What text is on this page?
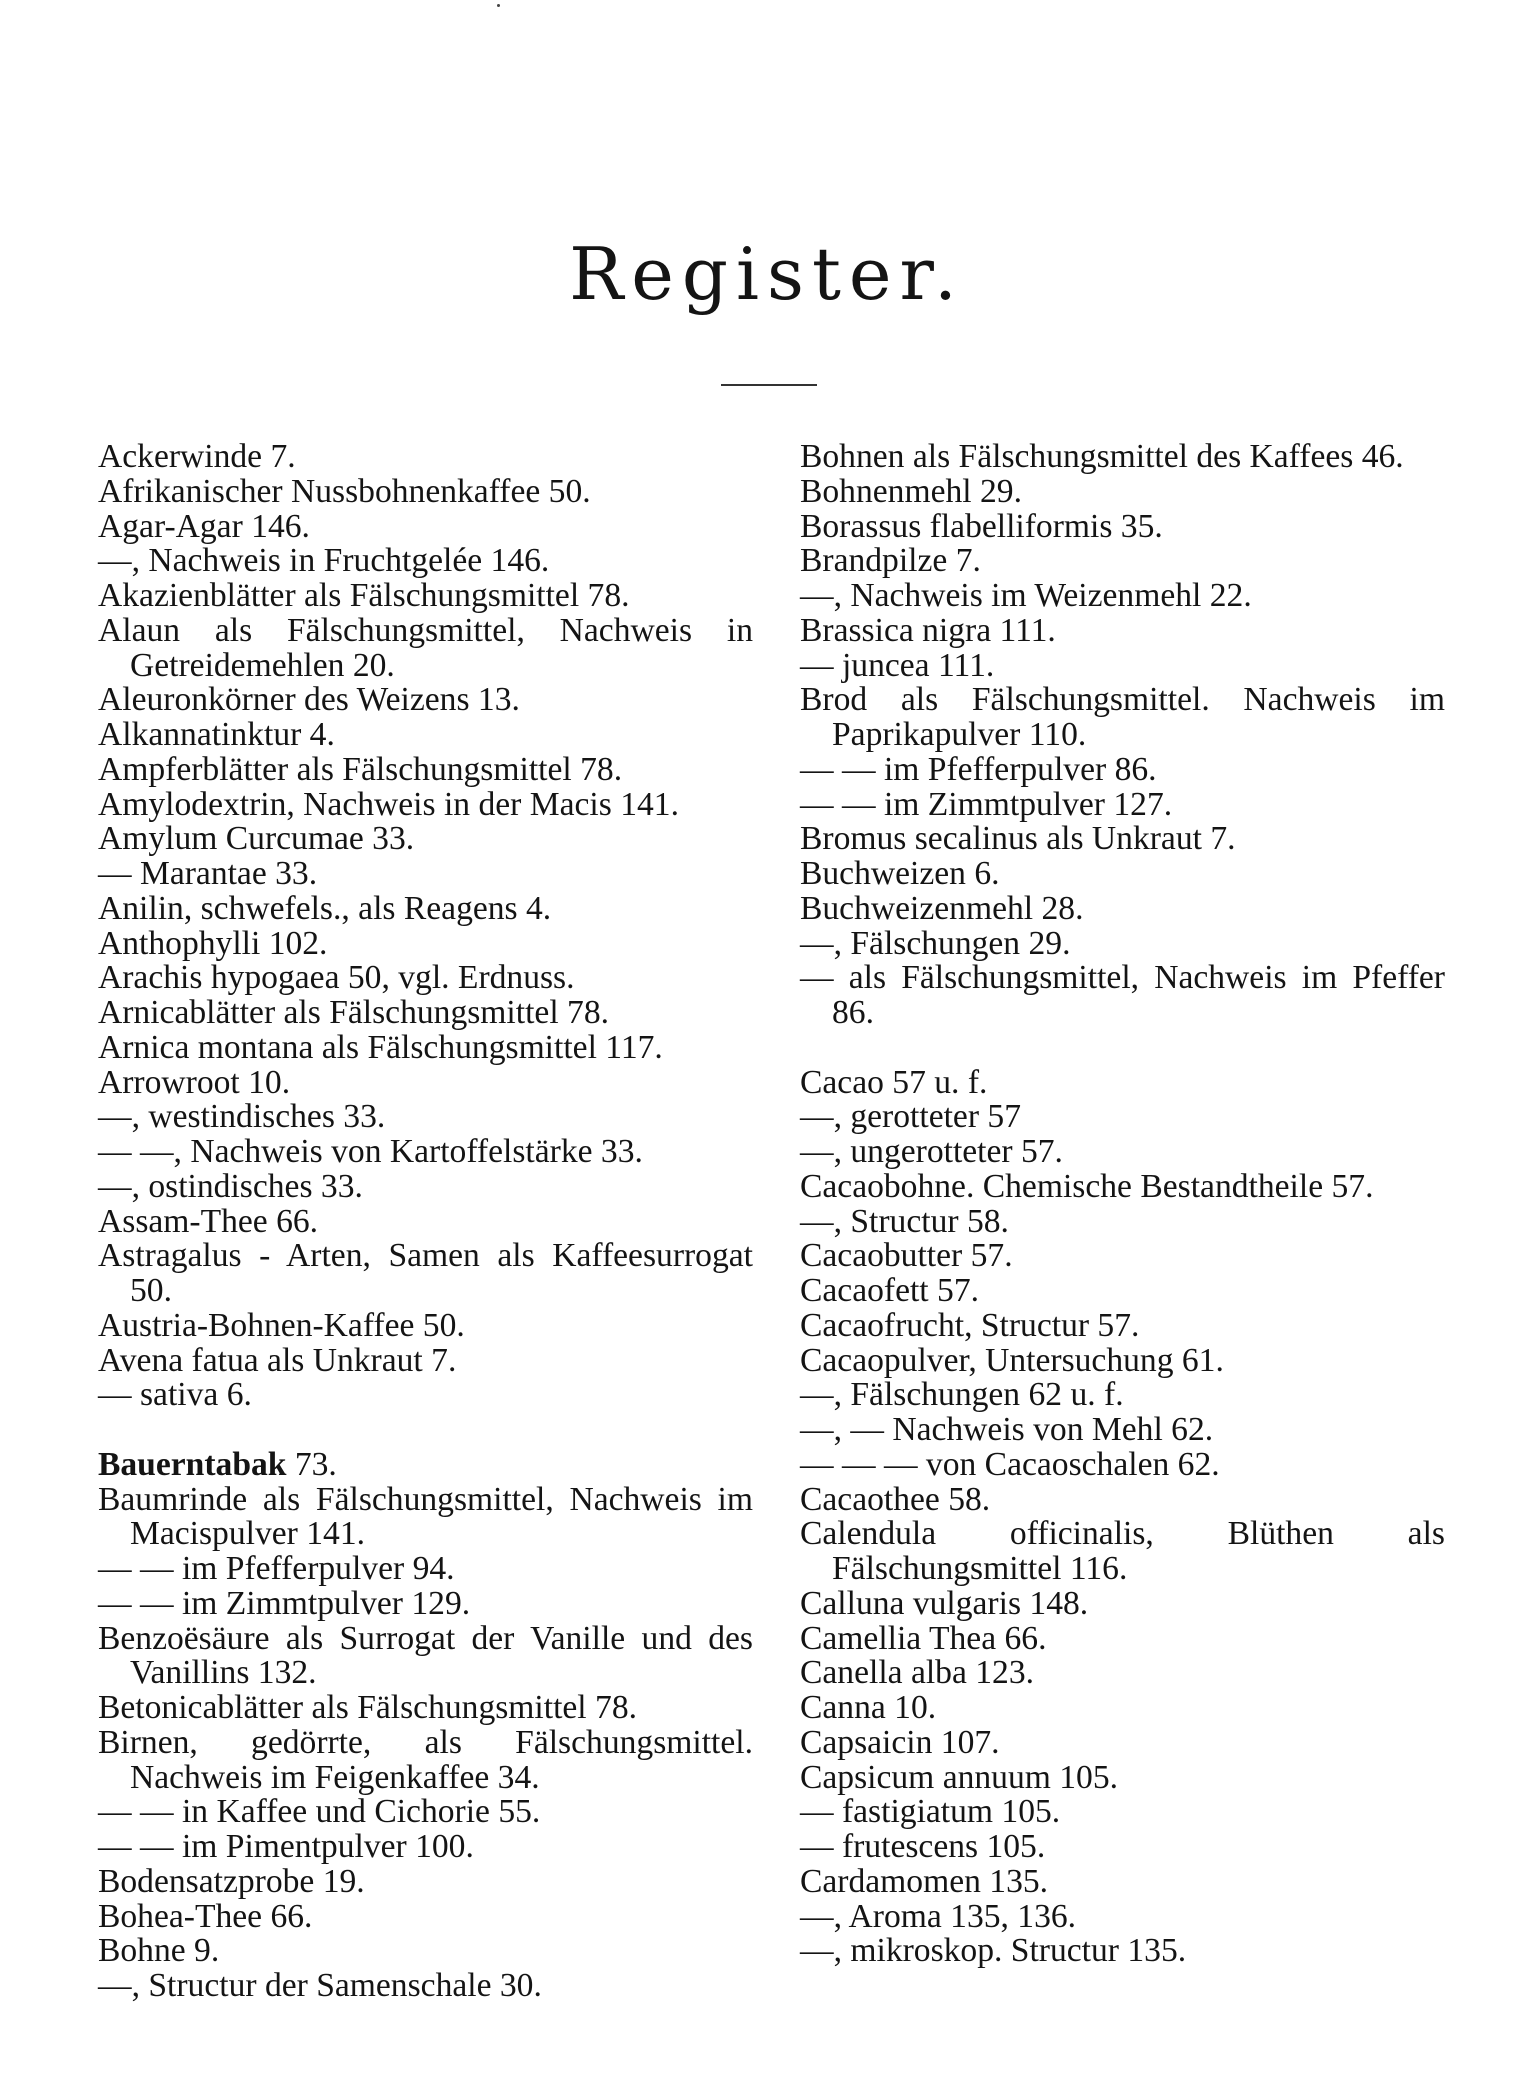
Register.
Ackerwinde 7.
Afrikanischer Nussbohnenkaffee 50.
Agar-Agar 146.
—, Nachweis in Fruchtgelée 146.
Akazienblätter als Fälschungsmittel 78.
Alaun als Fälschungsmittel, Nachweis in Getreidemehlen 20.
Aleuronkörner des Weizens 13.
Alkannatinktur 4.
Ampferblätter als Fälschungsmittel 78.
Amylodextrin, Nachweis in der Macis 141.
Amylum Curcumae 33.
— Marantae 33.
Anilin, schwefels., als Reagens 4.
Anthophylli 102.
Arachis hypogaea 50, vgl. Erdnuss.
Arnicablätter als Fälschungsmittel 78.
Arnica montana als Fälschungsmittel 117.
Arrowroot 10.
—, westindisches 33.
— —, Nachweis von Kartoffelstärke 33.
—, ostindisches 33.
Assam-Thee 66.
Astragalus - Arten, Samen als Kaffeesurrogat 50.
Austria-Bohnen-Kaffee 50.
Avena fatua als Unkraut 7.
— sativa 6.
Bauerntabak 73.
Baumrinde als Fälschungsmittel, Nachweis im Macispulver 141.
— — im Pfefferpulver 94.
— — im Zimmtpulver 129.
Benzoësäure als Surrogat der Vanille und des Vanillins 132.
Betonicablätter als Fälschungsmittel 78.
Birnen, gedörrte, als Fälschungsmittel. Nachweis im Feigenkaffee 34.
— — in Kaffee und Cichorie 55.
— — im Pimentpulver 100.
Bodensatzprobe 19.
Bohea-Thee 66.
Bohne 9.
—, Structur der Samenschale 30.
Bohnen als Fälschungsmittel des Kaffees 46.
Bohnenmehl 29.
Borassus flabelliformis 35.
Brandpilze 7.
—, Nachweis im Weizenmehl 22.
Brassica nigra 111.
— juncea 111.
Brod als Fälschungsmittel. Nachweis im Paprikapulver 110.
— — im Pfefferpulver 86.
— — im Zimmtpulver 127.
Bromus secalinus als Unkraut 7.
Buchweizen 6.
Buchweizenmehl 28.
—, Fälschungen 29.
— als Fälschungsmittel, Nachweis im Pfeffer 86.
Cacao 57 u. f.
—, gerotteter 57
—, ungerotteter 57.
Cacaobohne. Chemische Bestandtheile 57.
—, Structur 58.
Cacaobutter 57.
Cacaofett 57.
Cacaofrucht, Structur 57.
Cacaopulver, Untersuchung 61.
—, Fälschungen 62 u. f.
—, — Nachweis von Mehl 62.
— — — von Cacaoschalen 62.
Cacaothee 58.
Calendula officinalis, Blüthen als Fälschungsmittel 116.
Calluna vulgaris 148.
Camellia Thea 66.
Canella alba 123.
Canna 10.
Capsaicin 107.
Capsicum annuum 105.
— fastigiatum 105.
— frutescens 105.
Cardamomen 135.
—, Aroma 135, 136.
—, mikroskop. Structur 135.
